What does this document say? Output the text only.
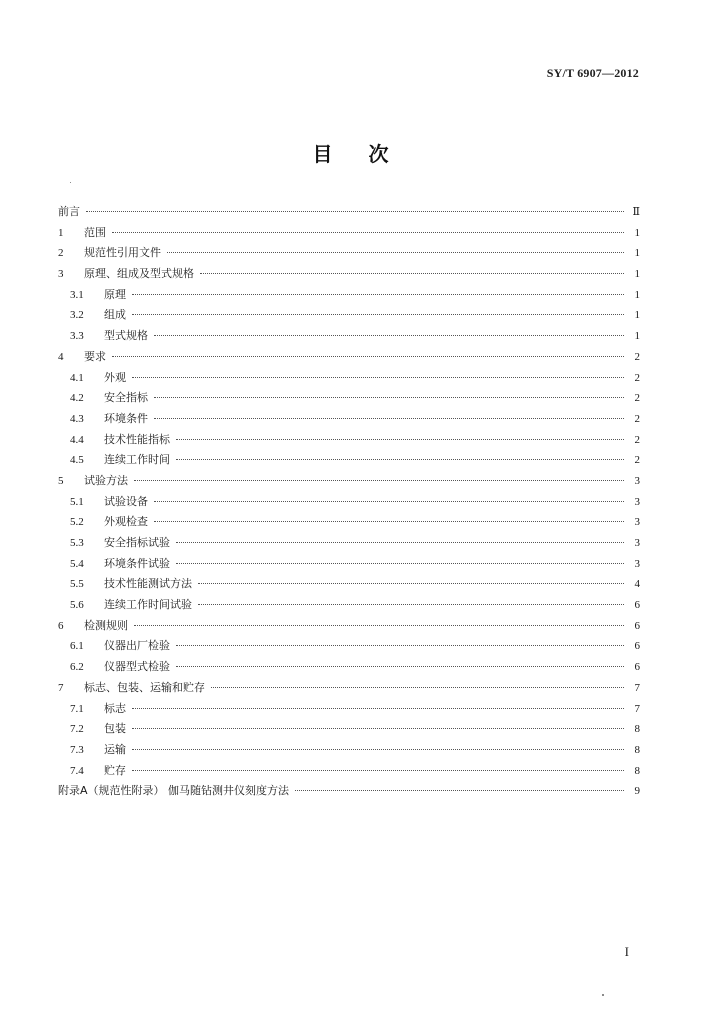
SY/T 6907—2012
目次
前言	Ⅱ
1 范围	1
2 规范性引用文件	1
3 原理、组成及型式规格	1
3.1 原理	1
3.2 组成	1
3.3 型式规格	1
4 要求	2
4.1 外观	2
4.2 安全指标	2
4.3 环境条件	2
4.4 技术性能指标	2
4.5 连续工作时间	2
5 试验方法	3
5.1 试验设备	3
5.2 外观检查	3
5.3 安全指标试验	3
5.4 环境条件试验	3
5.5 技术性能测试方法	4
5.6 连续工作时间试验	6
6 检测规则	6
6.1 仪器出厂检验	6
6.2 仪器型式检验	6
7 标志、包装、运输和贮存	7
7.1 标志	7
7.2 包装	8
7.3 运输	8
7.4 贮存	8
附录A（规范性附录） 伽马随钻测井仪刻度方法	9
I
